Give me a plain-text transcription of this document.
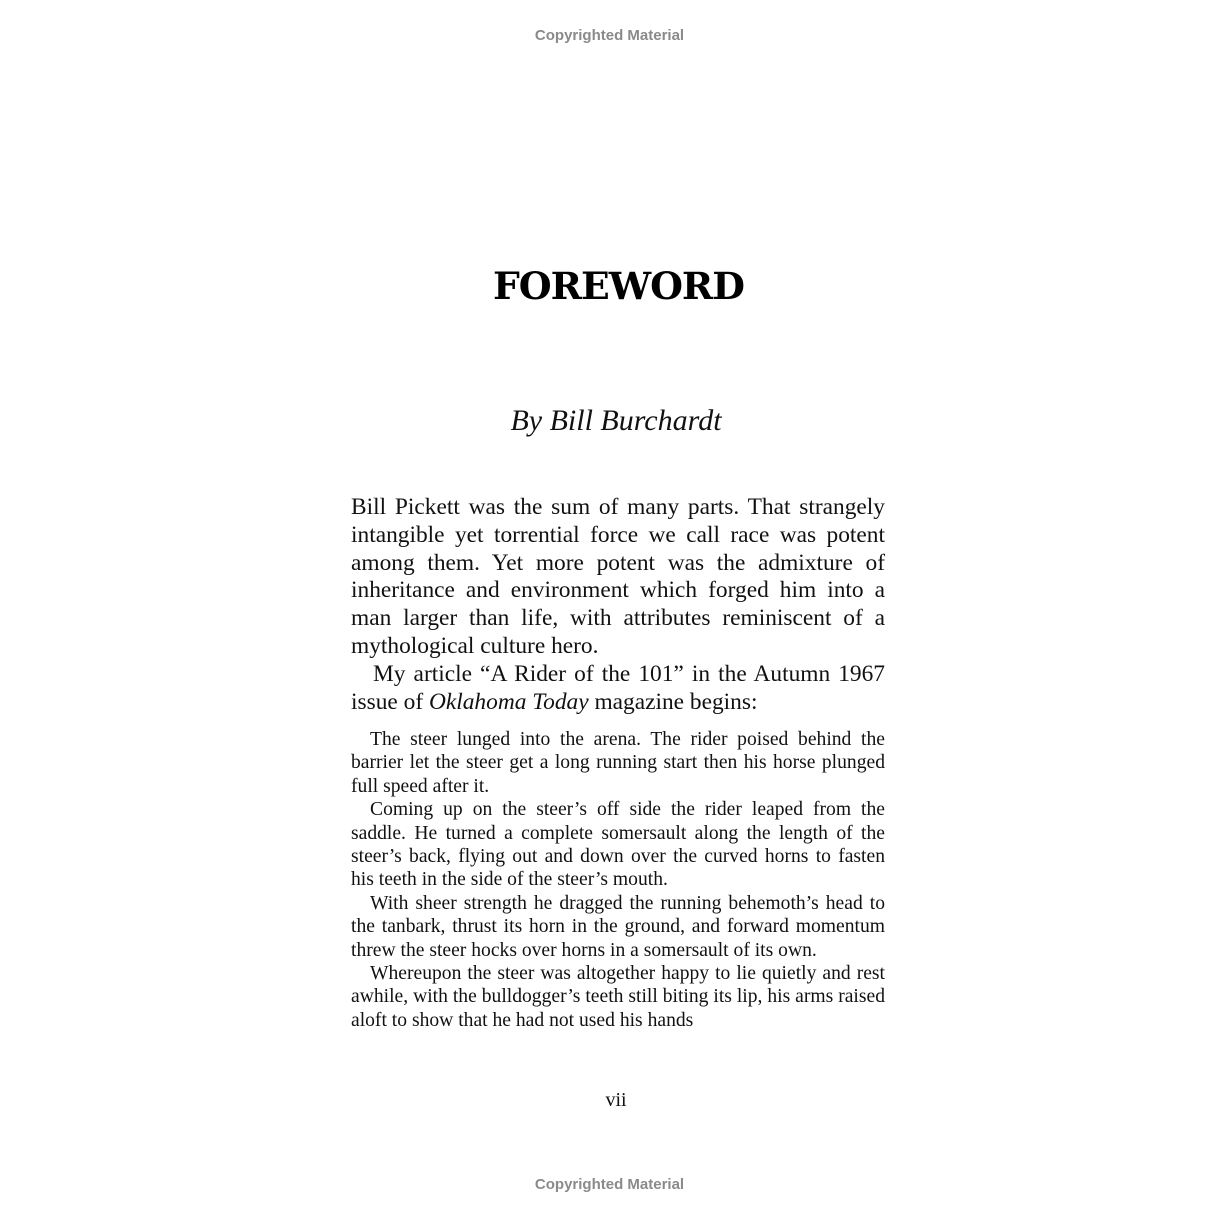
Copyrighted Material
FOREWORD
By Bill Burchardt

Bill Pickett was the sum of many parts. That strangely intangible yet torrential force we call race was potent among them. Yet more potent was the admixture of inheritance and environment which forged him into a man larger than life, with attributes reminiscent of a mythological culture hero.

My article “A Rider of the 101” in the Autumn 1967 issue of Oklahoma Today magazine begins:

The steer lunged into the arena. The rider poised behind the barrier let the steer get a long running start then his horse plunged full speed after it.

Coming up on the steer’s off side the rider leaped from the saddle. He turned a complete somersault along the length of the steer’s back, flying out and down over the curved horns to fasten his teeth in the side of the steer’s mouth.

With sheer strength he dragged the running behemoth’s head to the tanbark, thrust its horn in the ground, and forward momentum threw the steer hocks over horns in a somersault of its own.

Whereupon the steer was altogether happy to lie quietly and rest awhile, with the bulldogger’s teeth still biting its lip, his arms raised aloft to show that he had not used his hands

vii
Copyrighted Material
